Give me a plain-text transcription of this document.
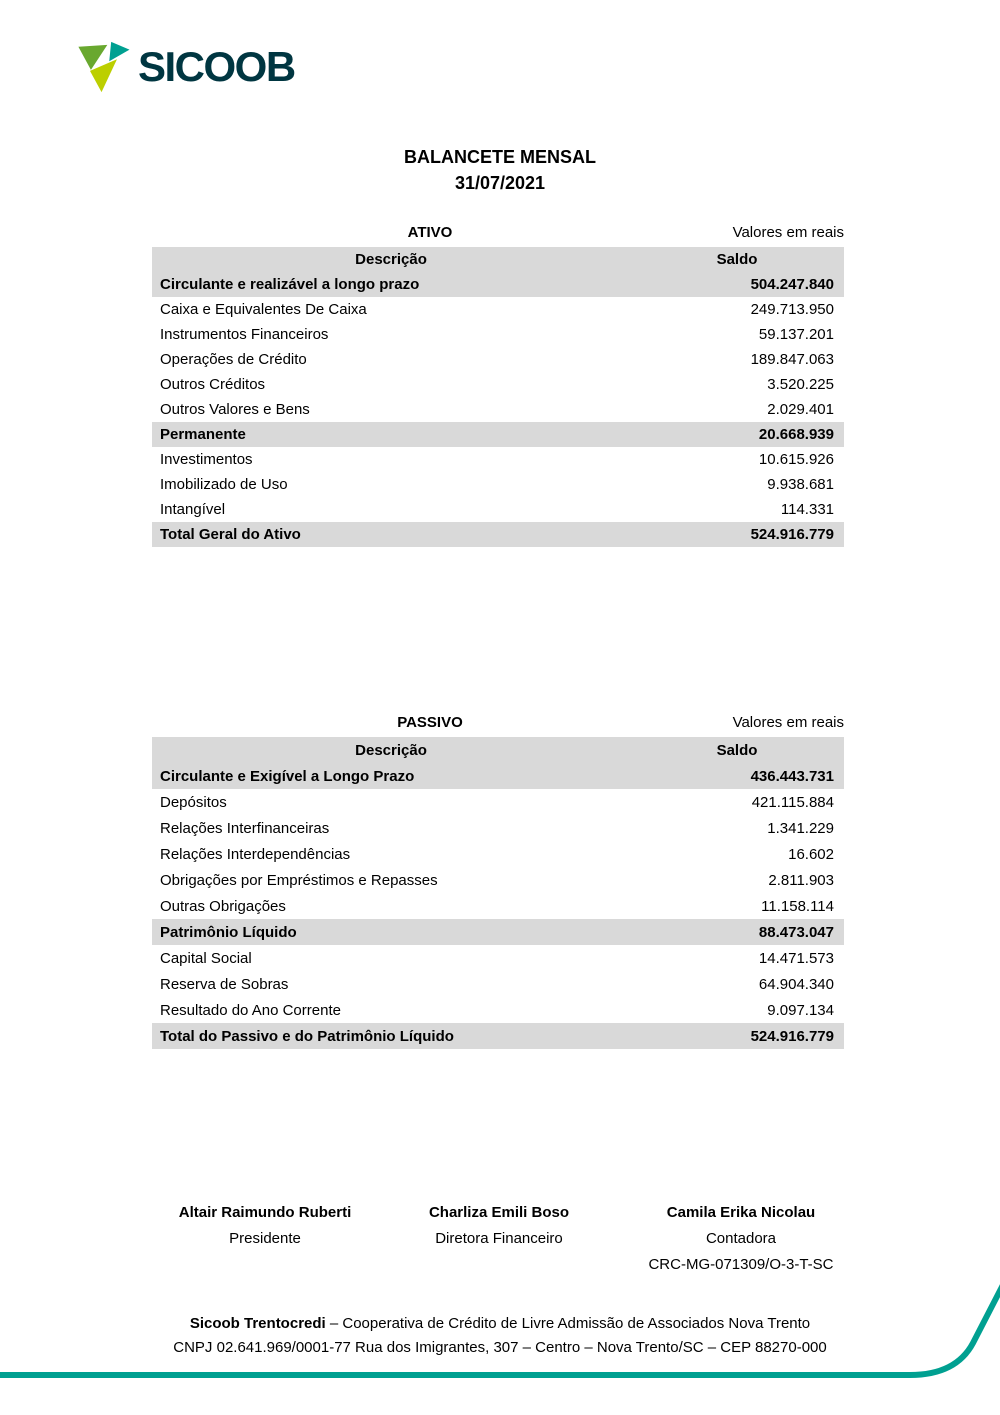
SICOOB
BALANCETE MENSAL
31/07/2021
ATIVO	Valores em reais
Descrição	Saldo
Circulante e realizável a longo prazo	504.247.840
Caixa e Equivalentes De Caixa	249.713.950
Instrumentos Financeiros	59.137.201
Operações de Crédito	189.847.063
Outros Créditos	3.520.225
Outros Valores e Bens	2.029.401
Permanente	20.668.939
Investimentos	10.615.926
Imobilizado de Uso	9.938.681
Intangível	114.331
Total Geral do Ativo	524.916.779
PASSIVO	Valores em reais
Descrição	Saldo
Circulante e Exigível a Longo Prazo	436.443.731
Depósitos	421.115.884
Relações Interfinanceiras	1.341.229
Relações Interdependências	16.602
Obrigações por Empréstimos e Repasses	2.811.903
Outras Obrigações	11.158.114
Patrimônio Líquido	88.473.047
Capital Social	14.471.573
Reserva de Sobras	64.904.340
Resultado do Ano Corrente	9.097.134
Total do Passivo e do Patrimônio Líquido	524.916.779
Altair Raimundo Ruberti
Presidente
Charliza Emili Boso
Diretora Financeiro
Camila Erika Nicolau
Contadora
CRC-MG-071309/O-3-T-SC
Sicoob Trentocredi – Cooperativa de Crédito de Livre Admissão de Associados Nova Trento
CNPJ 02.641.969/0001-77 Rua dos Imigrantes, 307 – Centro – Nova Trento/SC – CEP 88270-000
